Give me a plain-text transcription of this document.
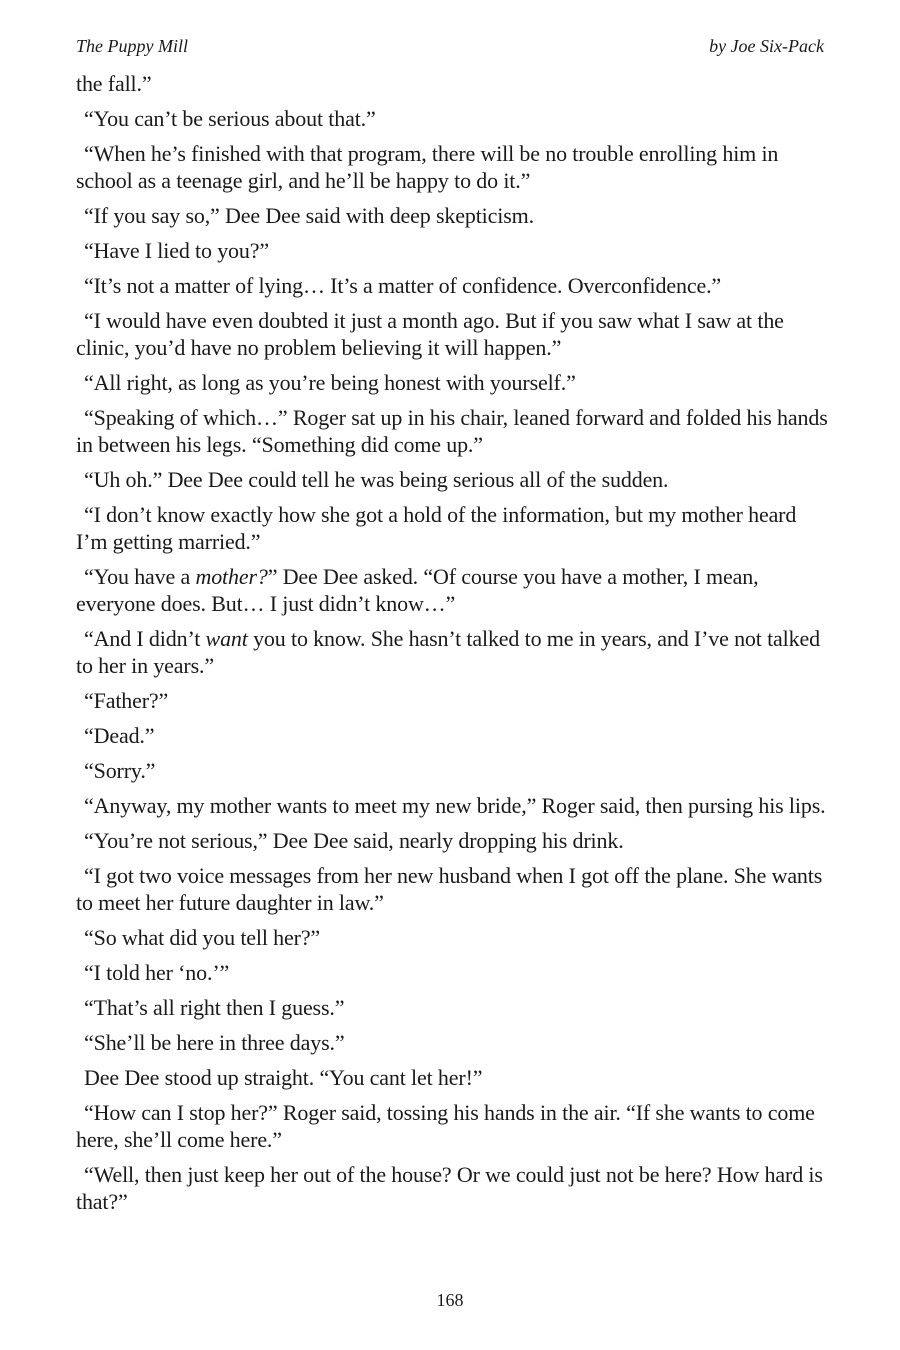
The Puppy Mill	by Joe Six-Pack

the fall.”

“You can’t be serious about that.”

“When he’s finished with that program, there will be no trouble enrolling him in school as a teenage girl, and he’ll be happy to do it.”

“If you say so,” Dee Dee said with deep skepticism.

“Have I lied to you?”

“It’s not a matter of lying… It’s a matter of confidence. Overconfidence.”

“I would have even doubted it just a month ago. But if you saw what I saw at the clinic, you’d have no problem believing it will happen.”

“All right, as long as you’re being honest with yourself.”

“Speaking of which…” Roger sat up in his chair, leaned forward and folded his hands in between his legs. “Something did come up.”

“Uh oh.” Dee Dee could tell he was being serious all of the sudden.

“I don’t know exactly how she got a hold of the information, but my mother heard I’m getting married.”

“You have a mother?” Dee Dee asked. “Of course you have a mother, I mean, everyone does. But… I just didn’t know…”

“And I didn’t want you to know. She hasn’t talked to me in years, and I’ve not talked to her in years.”

“Father?”

“Dead.”

“Sorry.”

“Anyway, my mother wants to meet my new bride,” Roger said, then pursing his lips.

“You’re not serious,” Dee Dee said, nearly dropping his drink.

“I got two voice messages from her new husband when I got off the plane. She wants to meet her future daughter in law.”

“So what did you tell her?”

“I told her ‘no.’”

“That’s all right then I guess.”

“She’ll be here in three days.”

Dee Dee stood up straight. “You cant let her!”

“How can I stop her?” Roger said, tossing his hands in the air. “If she wants to come here, she’ll come here.”

“Well, then just keep her out of the house? Or we could just not be here? How hard is that?”

168
